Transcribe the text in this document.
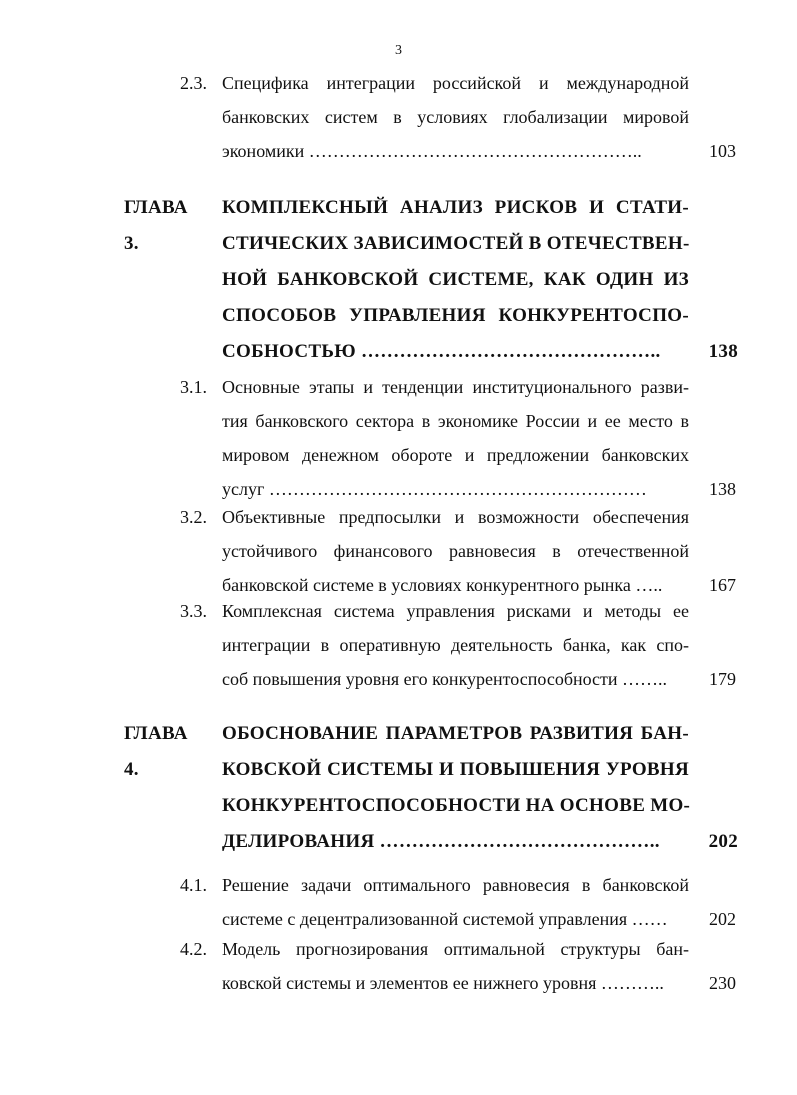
3
2.3. Специфика интеграции российской и международной
банковских систем в условиях глобализации мировой
экономики ………………………………………………..	103
ГЛАВА 3.
КОМПЛЕКСНЫЙ АНАЛИЗ РИСКОВ И СТАТИ-
СТИЧЕСКИХ ЗАВИСИМОСТЕЙ В ОТЕЧЕСТВЕН-
НОЙ БАНКОВСКОЙ СИСТЕМЕ, КАК ОДИН ИЗ
СПОСОБОВ УПРАВЛЕНИЯ КОНКУРЕНТОСПО-
СОБНОСТЬЮ ………………………………………..	138
3.1. Основные этапы и тенденции институционального разви-
тия банковского сектора в экономике России и ее место в
мировом денежном обороте и предложении банковских
услуг ………………………………………………………	138
3.2. Объективные предпосылки и возможности обеспечения
устойчивого финансового равновесия в отечественной
банковской системе в условиях конкурентного рынка …..	167
3.3. Комплексная система управления рисками и методы ее
интеграции в оперативную деятельность банка, как спо-
соб повышения уровня его конкурентоспособности ……..	179
ГЛАВА 4.
ОБОСНОВАНИЕ ПАРАМЕТРОВ РАЗВИТИЯ БАН-
КОВСКОЙ СИСТЕМЫ И ПОВЫШЕНИЯ УРОВНЯ
КОНКУРЕНТОСПОСОБНОСТИ НА ОСНОВЕ МО-
ДЕЛИРОВАНИЯ ……………………………………..	202
4.1. Решение задачи оптимального равновесия в банковской
системе с децентрализованной системой управления ……	202
4.2. Модель прогнозирования оптимальной структуры бан-
ковской системы и элементов ее нижнего уровня ………..	230
